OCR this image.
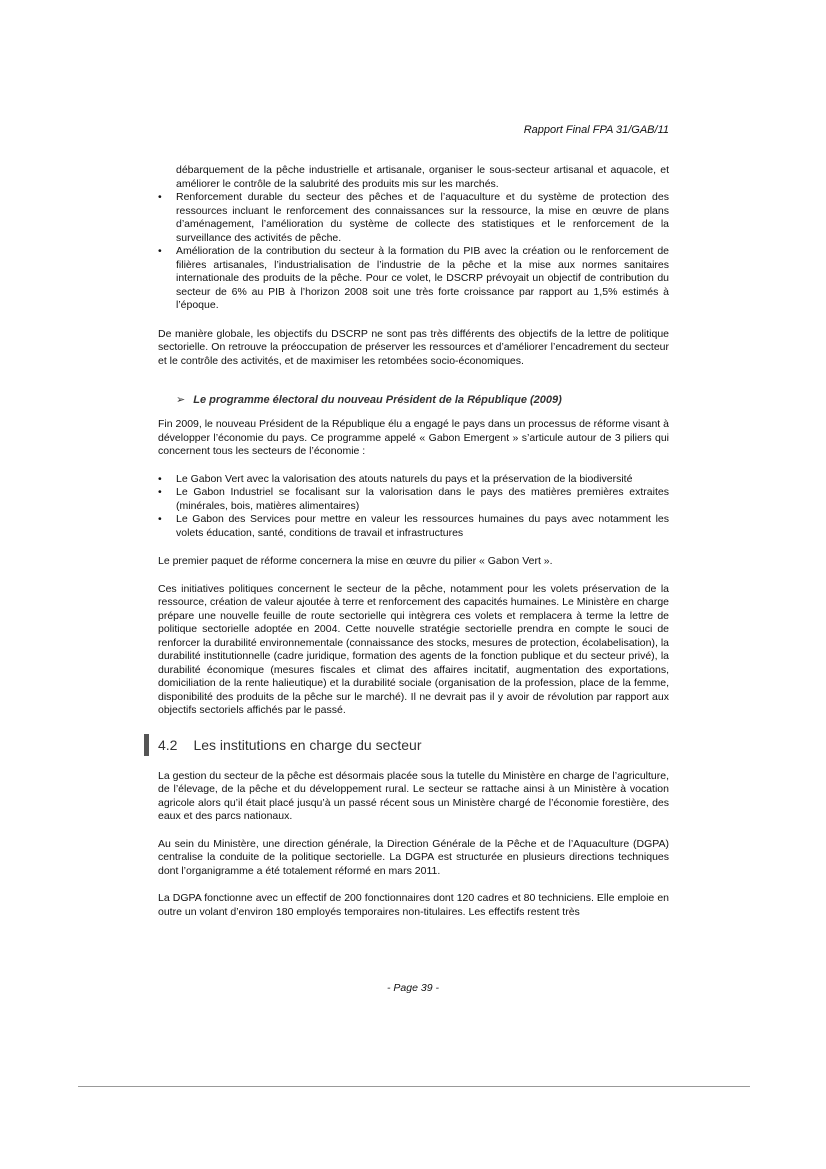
Rapport Final FPA 31/GAB/11
débarquement de la pêche industrielle et artisanale, organiser le sous-secteur artisanal et aquacole, et améliorer le contrôle de la salubrité des produits mis sur les marchés.
• Renforcement durable du secteur des pêches et de l’aquaculture et du système de protection des ressources incluant le renforcement des connaissances sur la ressource, la mise en œuvre de plans d’aménagement, l’amélioration du système de collecte des statistiques et le renforcement de la surveillance des activités de pêche.
• Amélioration de la contribution du secteur à la formation du PIB avec la création ou le renforcement de filières artisanales, l’industrialisation de l’industrie de la pêche et la mise aux normes sanitaires internationale des produits de la pêche. Pour ce volet, le DSCRP prévoyait un objectif de contribution du secteur de 6% au PIB à l’horizon 2008 soit une très forte croissance par rapport au 1,5% estimés à l’époque.

De manière globale, les objectifs du DSCRP ne sont pas très différents des objectifs de la lettre de politique sectorielle. On retrouve la préoccupation de préserver les ressources et d’améliorer l’encadrement du secteur et le contrôle des activités, et de maximiser les retombées socio-économiques.

➢ Le programme électoral du nouveau Président de la République (2009)

Fin 2009, le nouveau Président de la République élu a engagé le pays dans un processus de réforme visant à développer l’économie du pays. Ce programme appelé « Gabon Emergent » s’articule autour de 3 piliers qui concernent tous les secteurs de l’économie :

• Le Gabon Vert avec la valorisation des atouts naturels du pays et la préservation de la biodiversité
• Le Gabon Industriel se focalisant sur la valorisation dans le pays des matières premières extraites (minérales, bois, matières alimentaires)
• Le Gabon des Services pour mettre en valeur les ressources humaines du pays avec notamment les volets éducation, santé, conditions de travail et infrastructures

Le premier paquet de réforme concernera la mise en œuvre du pilier « Gabon Vert ».

Ces initiatives politiques concernent le secteur de la pêche, notamment pour les volets préservation de la ressource, création de valeur ajoutée à terre et renforcement des capacités humaines. Le Ministère en charge prépare une nouvelle feuille de route sectorielle qui intègrera ces volets et remplacera à terme la lettre de politique sectorielle adoptée en 2004. Cette nouvelle stratégie sectorielle prendra en compte le souci de renforcer la durabilité environnementale (connaissance des stocks, mesures de protection, écolabelisation), la durabilité institutionnelle (cadre juridique, formation des agents de la fonction publique et du secteur privé), la durabilité économique (mesures fiscales et climat des affaires incitatif, augmentation des exportations, domiciliation de la rente halieutique) et la durabilité sociale (organisation de la profession, place de la femme, disponibilité des produits de la pêche sur le marché). Il ne devrait pas il y avoir de révolution par rapport aux objectifs sectoriels affichés par le passé.

4.2 Les institutions en charge du secteur

La gestion du secteur de la pêche est désormais placée sous la tutelle du Ministère en charge de l’agriculture, de l’élevage, de la pêche et du développement rural. Le secteur se rattache ainsi à un Ministère à vocation agricole alors qu’il était placé jusqu’à un passé récent sous un Ministère chargé de l’économie forestière, des eaux et des parcs nationaux.

Au sein du Ministère, une direction générale, la Direction Générale de la Pêche et de l’Aquaculture (DGPA) centralise la conduite de la politique sectorielle. La DGPA est structurée en plusieurs directions techniques dont l’organigramme a été totalement réformé en mars 2011.

La DGPA fonctionne avec un effectif de 200 fonctionnaires dont 120 cadres et 80 techniciens. Elle emploie en outre un volant d’environ 180 employés temporaires non-titulaires. Les effectifs restent très

- Page 39 -
